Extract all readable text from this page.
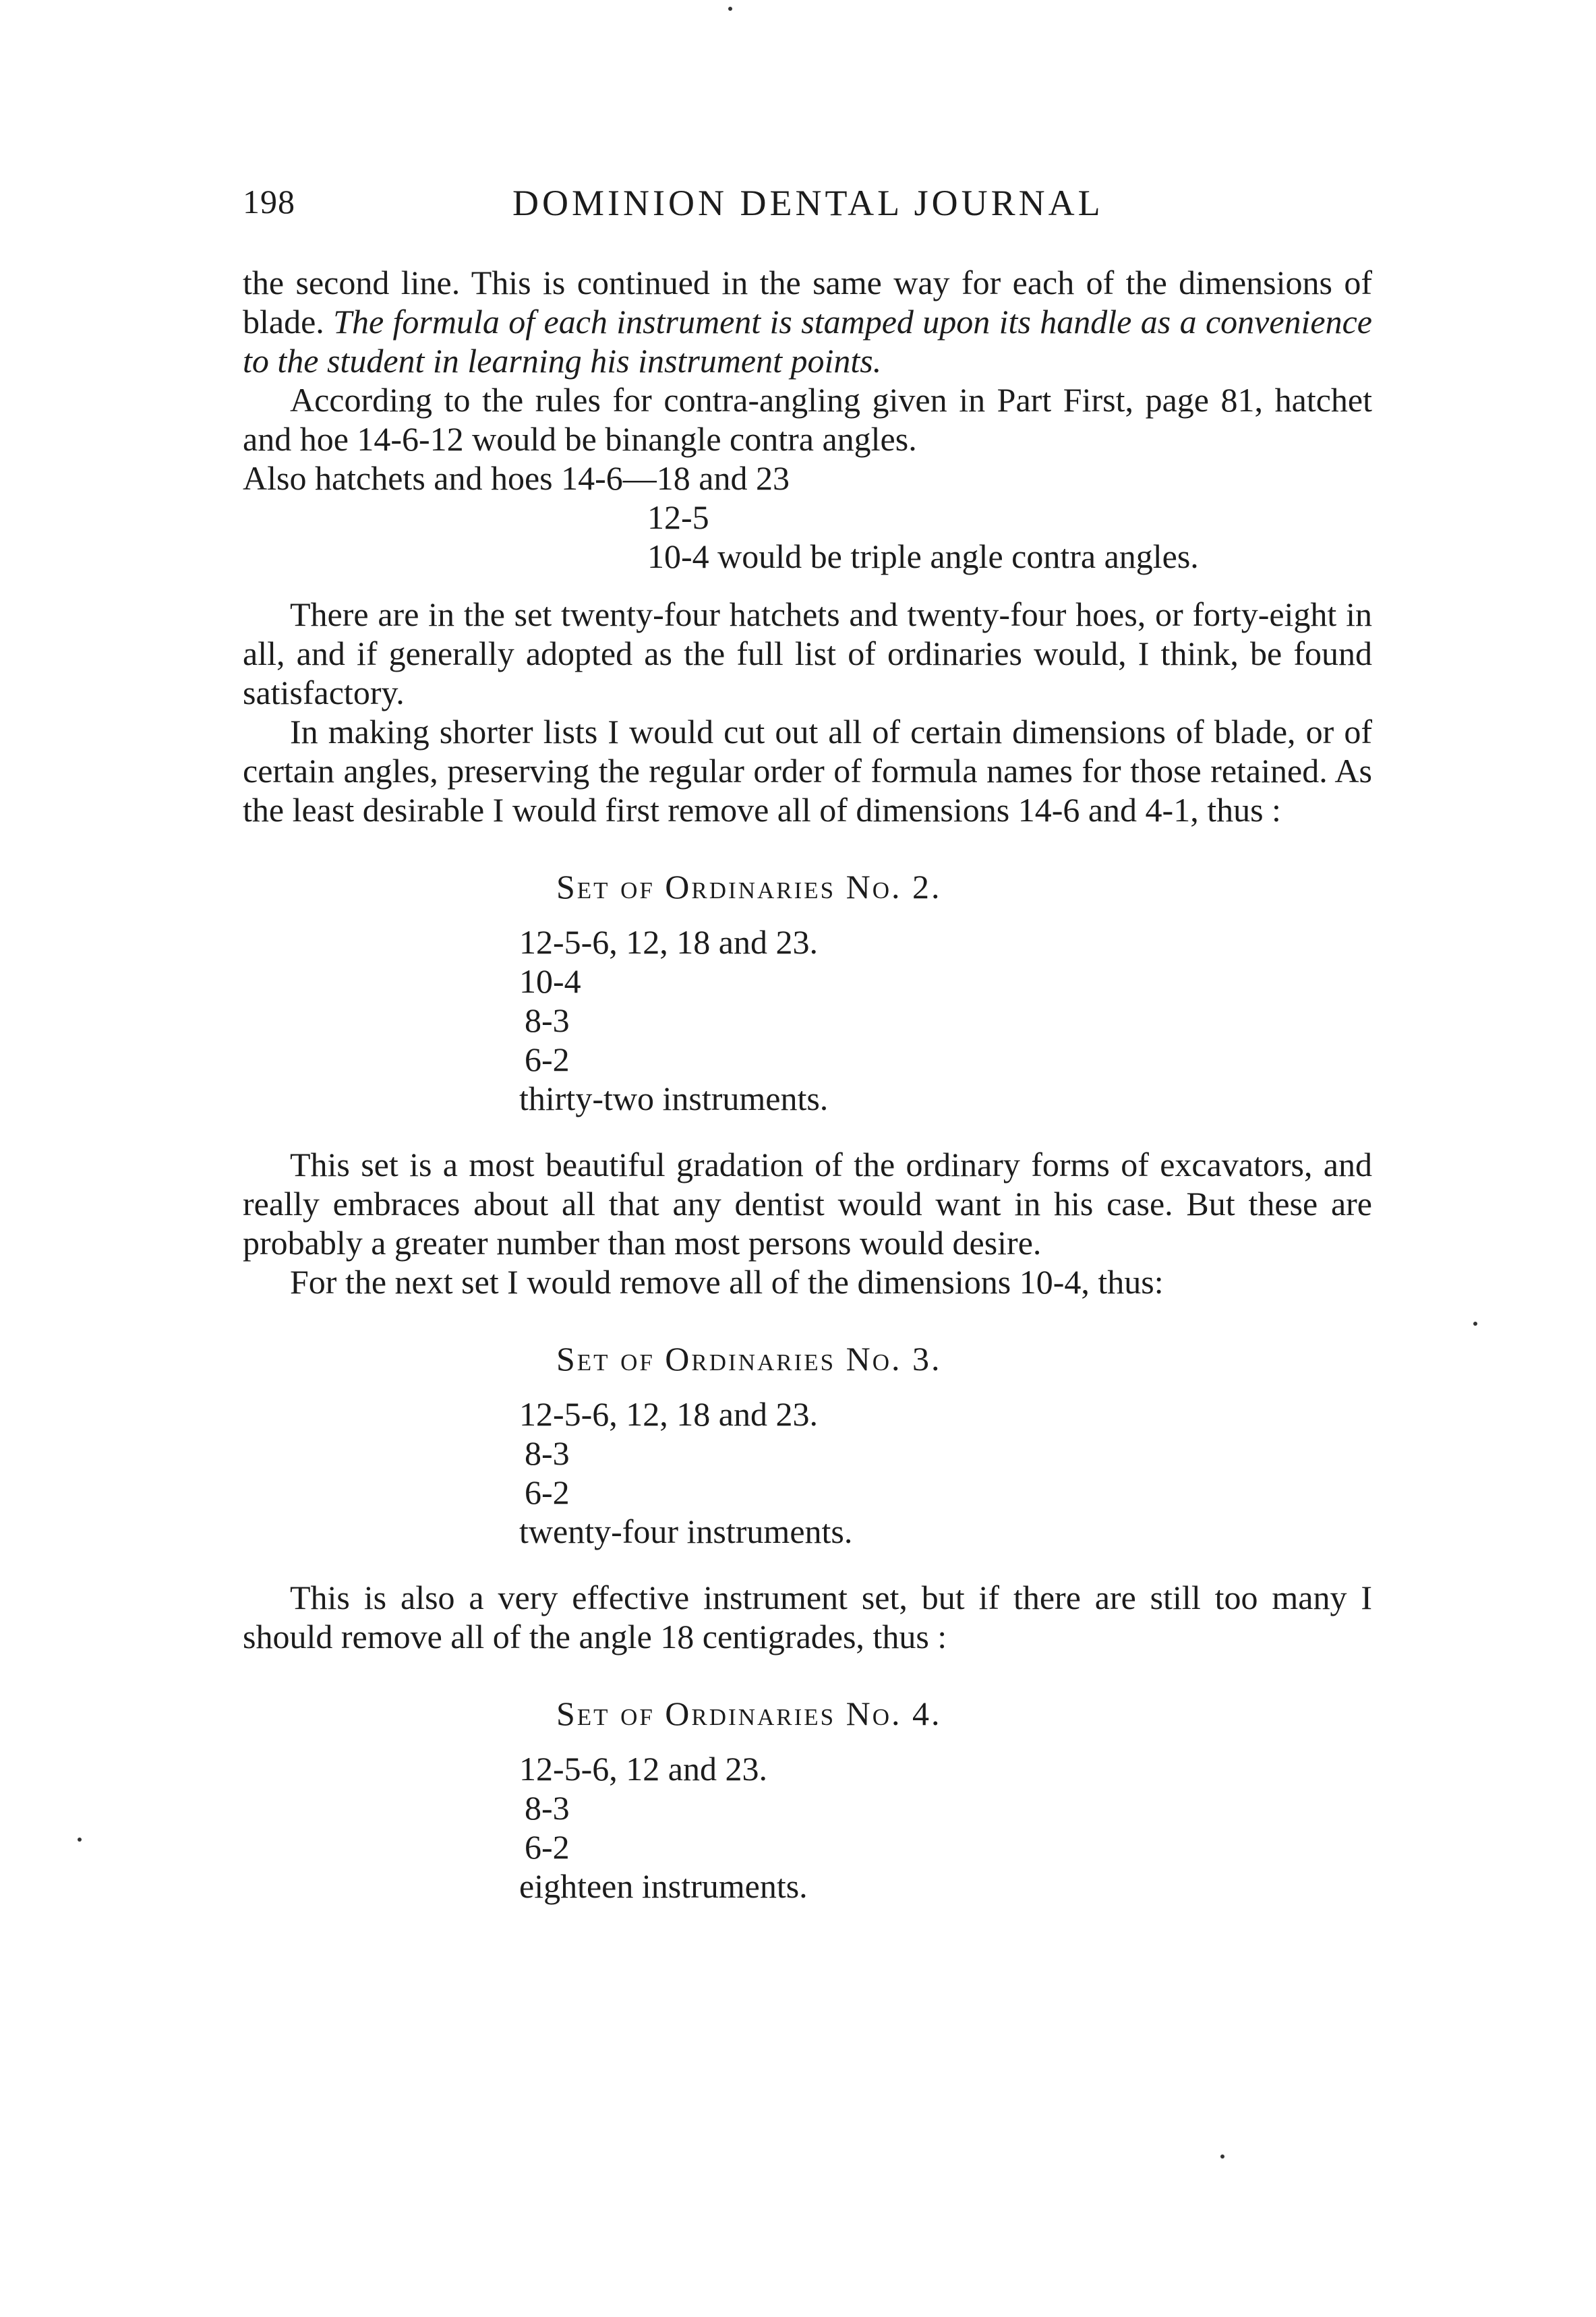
198	DOMINION DENTAL JOURNAL

the second line. This is continued in the same way for each of the dimensions of blade. The formula of each instrument is stamped upon its handle as a convenience to the student in learning his instrument points.

According to the rules for contra-angling given in Part First, page 81, hatchet and hoe 14-6-12 would be binangle contra angles.

Also hatchets and hoes 14-6—18 and 23

12-5
10-4 would be triple angle contra angles.

There are in the set twenty-four hatchets and twenty-four hoes, or forty-eight in all, and if generally adopted as the full list of ordinaries would, I think, be found satisfactory.

In making shorter lists I would cut out all of certain dimensions of blade, or of certain angles, preserving the regular order of formula names for those retained. As the least desirable I would first remove all of dimensions 14-6 and 4-1, thus :

Set of Ordinaries No. 2.
12-5-6, 12, 18 and 23.
10-4
8-3
6-2
thirty-two instruments.

This set is a most beautiful gradation of the ordinary forms of excavators, and really embraces about all that any dentist would want in his case. But these are probably a greater number than most persons would desire.

For the next set I would remove all of the dimensions 10-4, thus:

Set of Ordinaries No. 3.
12-5-6, 12, 18 and 23.
8-3
6-2
twenty-four instruments.

This is also a very effective instrument set, but if there are still too many I should remove all of the angle 18 centigrades, thus :

Set of Ordinaries No. 4.
12-5-6, 12 and 23.
8-3
6-2
eighteen instruments.
